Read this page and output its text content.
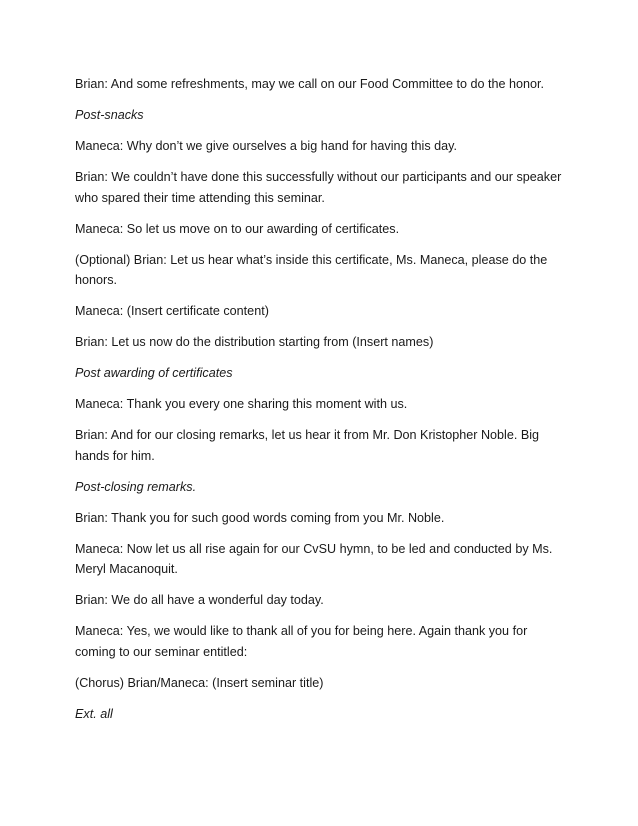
Brian: And some refreshments, may we call on our Food Committee to do the honor.

Post-snacks

Maneca: Why don’t we give ourselves a big hand for having this day.

Brian: We couldn’t have done this successfully without our participants and our speaker who spared their time attending this seminar.

Maneca: So let us move on to our awarding of certificates.

(Optional) Brian: Let us hear what’s inside this certificate, Ms. Maneca, please do the honors.

Maneca: (Insert certificate content)

Brian: Let us now do the distribution starting from (Insert names)

Post awarding of certificates

Maneca: Thank you every one sharing this moment with us.

Brian: And for our closing remarks, let us hear it from Mr. Don Kristopher Noble. Big hands for him.

Post-closing remarks.

Brian: Thank you for such good words coming from you Mr. Noble.

Maneca: Now let us all rise again for our CvSU hymn, to be led and conducted by Ms. Meryl Macanoquit.

Brian: We do all have a wonderful day today.

Maneca: Yes, we would like to thank all of you for being here. Again thank you for coming to our seminar entitled:

(Chorus) Brian/Maneca: (Insert seminar title)

Ext. all
